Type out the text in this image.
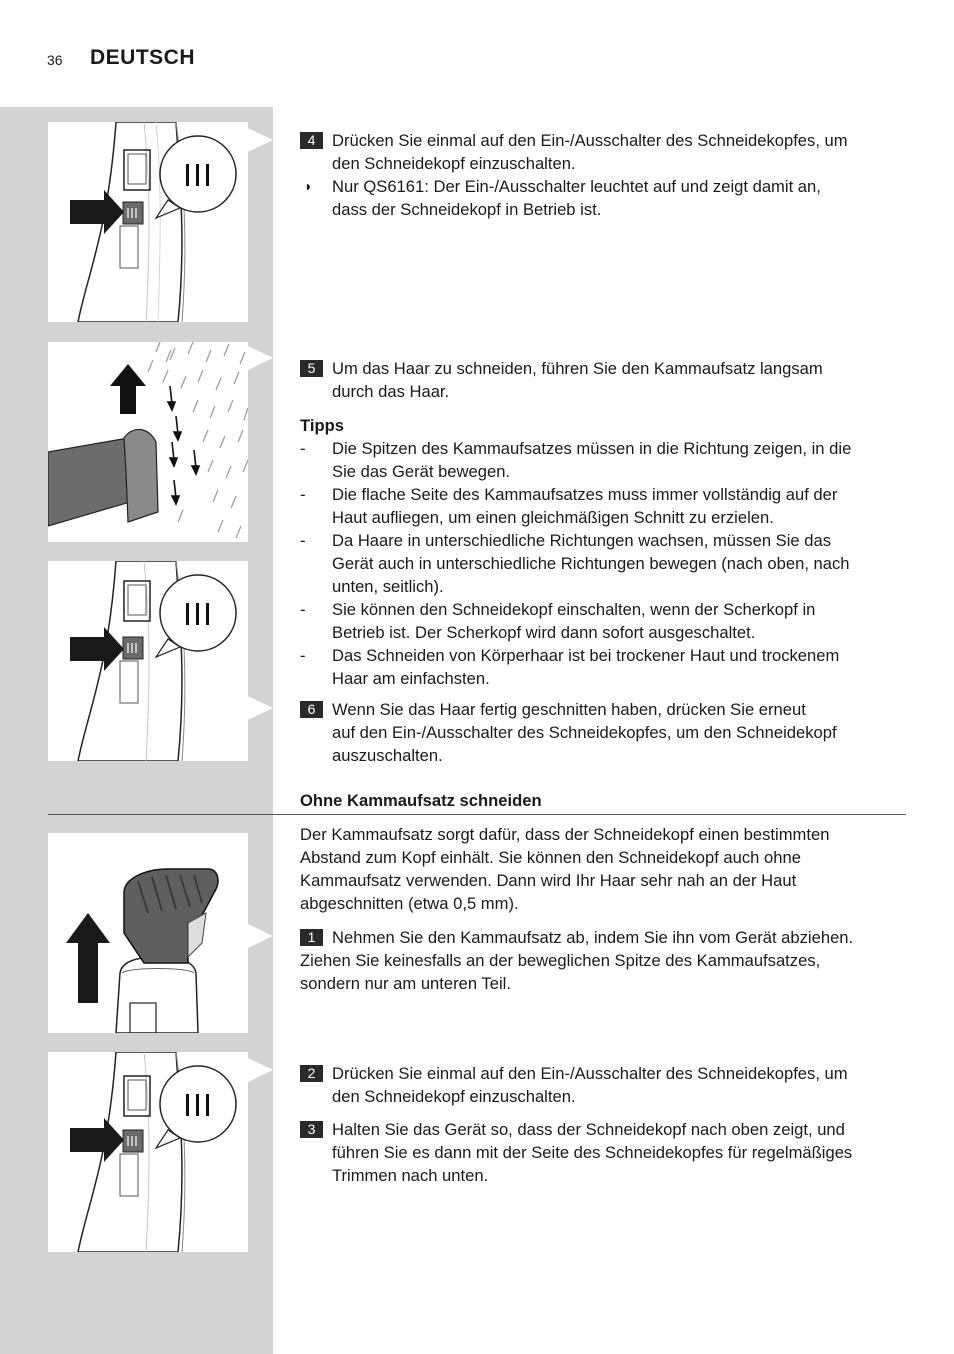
36 DEUTSCH
4	Drücken Sie einmal auf den Ein-/Ausschalter des Schneidekopfes, um
den Schneidekopf einzuschalten.
◗ Nur QS6161: Der Ein-/Ausschalter leuchtet auf und zeigt damit an,
dass der Schneidekopf in Betrieb ist.
5	Um das Haar zu schneiden, führen Sie den Kammaufsatz langsam
durch das Haar.
Tipps
- Die Spitzen des Kammaufsatzes müssen in die Richtung zeigen, in die
Sie das Gerät bewegen.
- Die flache Seite des Kammaufsatzes muss immer vollständig auf der
Haut aufliegen, um einen gleichmäßigen Schnitt zu erzielen.
- Da Haare in unterschiedliche Richtungen wachsen, müssen Sie das
Gerät auch in unterschiedliche Richtungen bewegen (nach oben, nach
unten, seitlich).
- Sie können den Schneidekopf einschalten, wenn der Scherkopf in
Betrieb ist. Der Scherkopf wird dann sofort ausgeschaltet.
- Das Schneiden von Körperhaar ist bei trockener Haut und trockenem
Haar am einfachsten.
6	Wenn Sie das Haar fertig geschnitten haben, drücken Sie erneut
auf den Ein-/Ausschalter des Schneidekopfes, um den Schneidekopf
auszuschalten.
Ohne Kammaufsatz schneiden
Der Kammaufsatz sorgt dafür, dass der Schneidekopf einen bestimmten
Abstand zum Kopf einhält. Sie können den Schneidekopf auch ohne
Kammaufsatz verwenden. Dann wird Ihr Haar sehr nah an der Haut
abgeschnitten (etwa 0,5 mm).
1	Nehmen Sie den Kammaufsatz ab, indem Sie ihn vom Gerät abziehen.
Ziehen Sie keinesfalls an der beweglichen Spitze des Kammaufsatzes,
sondern nur am unteren Teil.
2	Drücken Sie einmal auf den Ein-/Ausschalter des Schneidekopfes, um
den Schneidekopf einzuschalten.
3	Halten Sie das Gerät so, dass der Schneidekopf nach oben zeigt, und
führen Sie es dann mit der Seite des Schneidekopfes für regelmäßiges
Trimmen nach unten.
